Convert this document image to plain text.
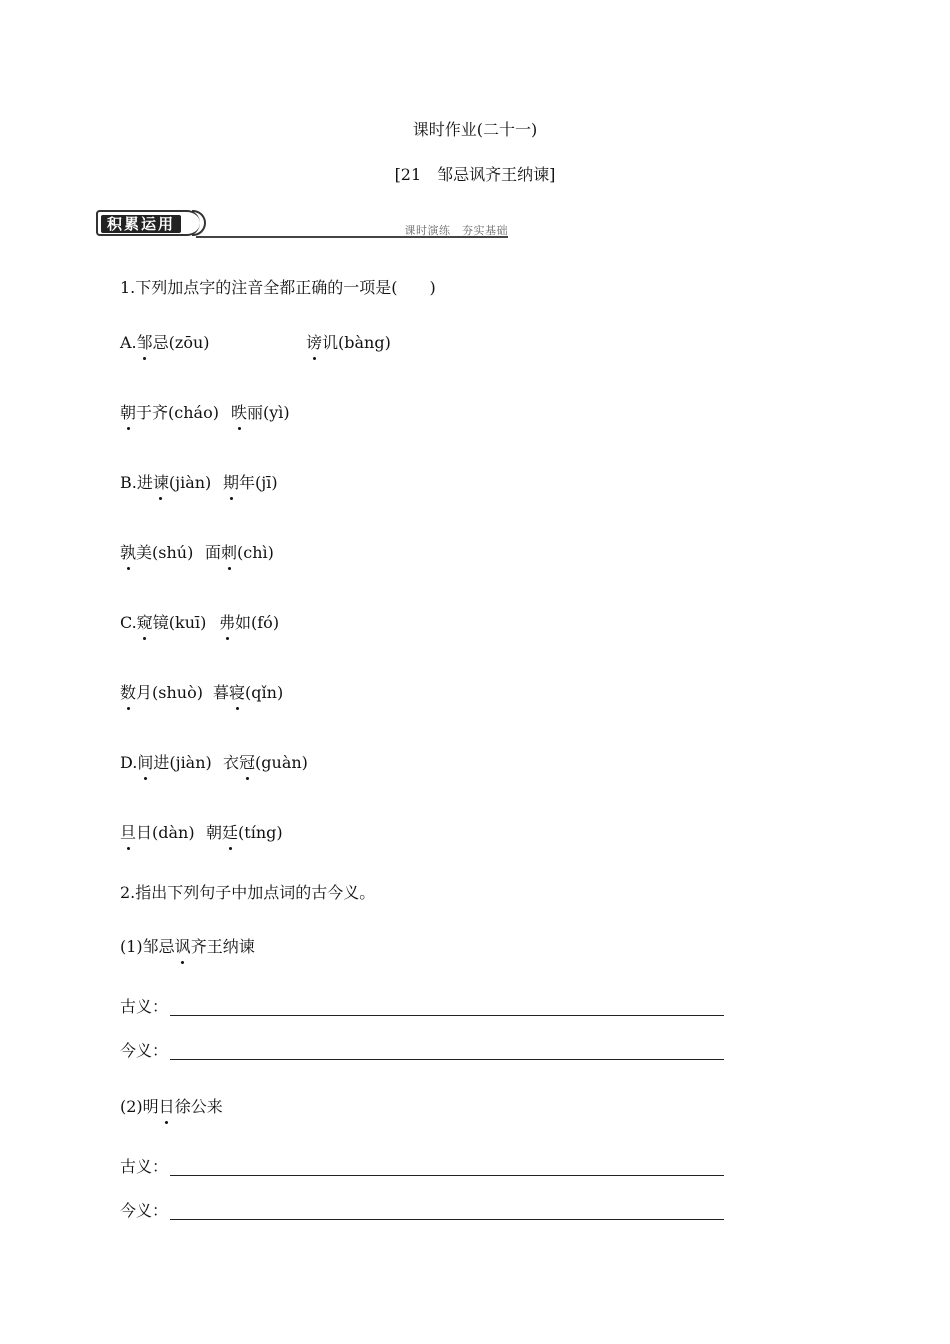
课时作业(二十一)
[21　邹忌讽齐王纳谏]
积累运用	课时演练　夯实基础
1.下列加点字的注音全都正确的一项是(　　)
A.邹忌(zōu)	谤讥(bàng)
朝于齐(cháo) 昳丽(yì)
B.进谏(jiàn) 期年(jī)
孰美(shú) 面刺(chì)
C.窥镜(kuī) 弗如(fó)
数月(shuò) 暮寝(qǐn)
D.间进(jiàn) 衣冠(guàn)
旦日(dàn) 朝廷(tíng)
2.指出下列句子中加点词的古今义。
(1)邹忌讽齐王纳谏
古义：
今义：
(2)明日徐公来
古义：
今义：
